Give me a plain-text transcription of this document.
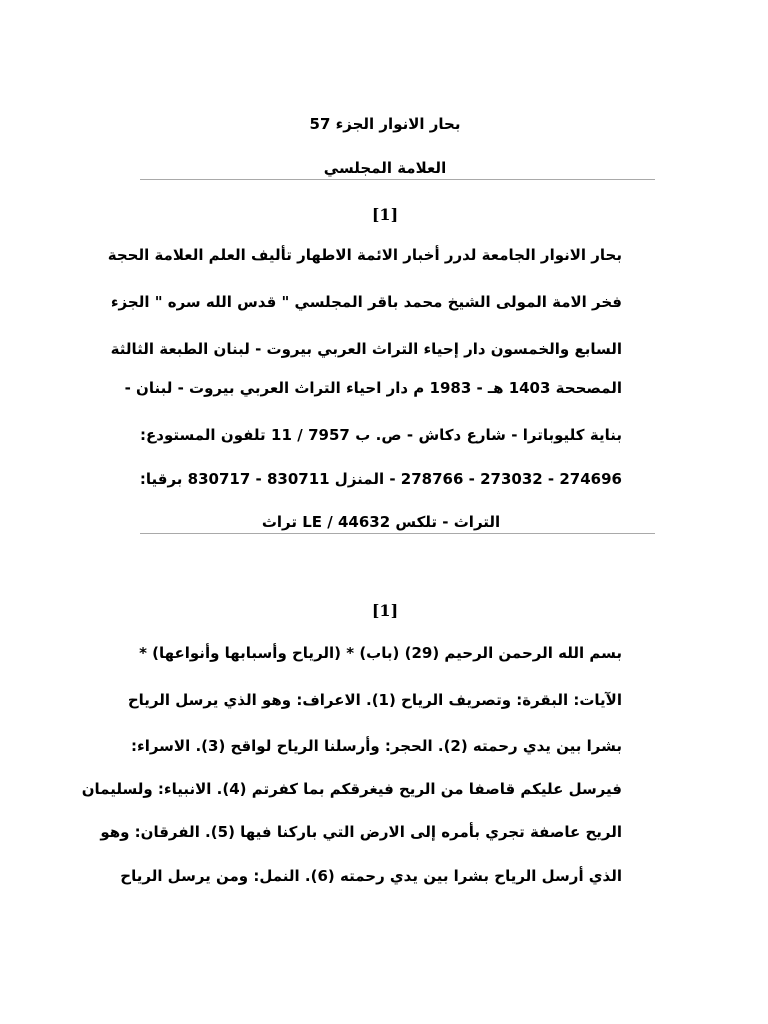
بحار الانوار الجزء 57
العلامة المجلسي
[1]
بحار الانوار الجامعة لدرر أخبار الائمة الاطهار تأليف العلم العلامة الحجة
فخر الامة المولى الشيخ محمد باقر المجلسي " قدس الله سره " الجزء
السابع والخمسون دار إحياء التراث العربي بيروت - لبنان الطبعة الثالثة
المصححة 1403 هـ - 1983 م دار احياء التراث العربي بيروت - لبنان -
بناية كليوباترا - شارع دكاش - ص. ب 7957 / 11 تلفون المستودع:
274696 - 273032 - 278766 - المنزل 830711 - 830717 برقيا:
التراث - تلكس 44632 / LE تراث
[1]
بسم الله الرحمن الرحيم (29) (باب) * (الرياح وأسبابها وأنواعها) *
الآيات: البقرة: وتصريف الرياح (1). الاعراف: وهو الذي يرسل الرياح
بشرا بين يدي رحمته (2). الحجر: وأرسلنا الرياح لواقح (3). الاسراء:
فيرسل عليكم قاصفا من الريح فيغرقكم بما كفرتم (4). الانبياء: ولسليمان
الريح عاصفة تجري بأمره إلى الارض التي باركنا فيها (5). الفرقان: وهو
الذي أرسل الرياح بشرا بين يدي رحمته (6). النمل: ومن يرسل الرياح
